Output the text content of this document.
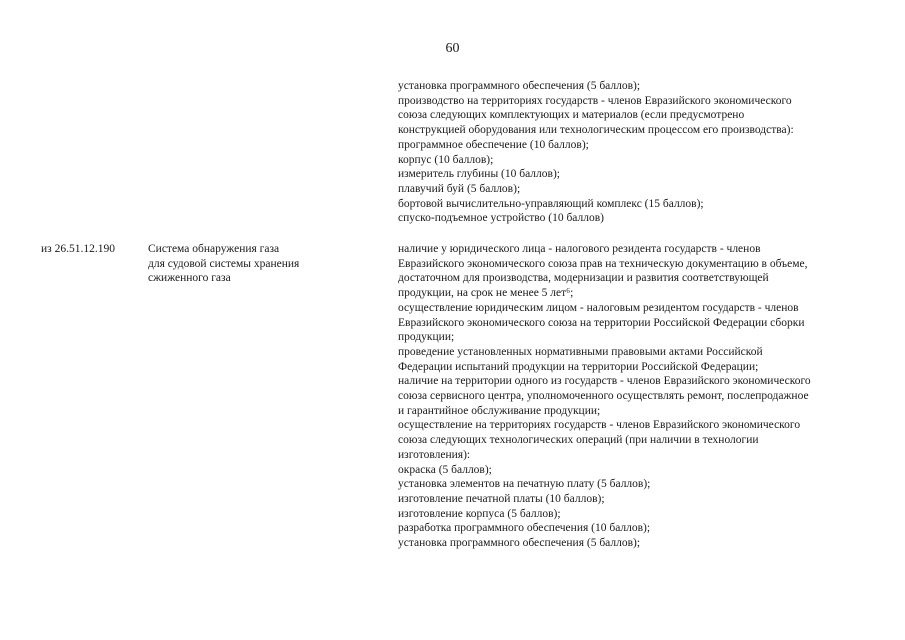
60
установка программного обеспечения (5 баллов);
производство на территориях государств - членов Евразийского экономического
союза следующих комплектующих и материалов (если предусмотрено
конструкцией оборудования или технологическим процессом его производства):
программное обеспечение (10 баллов);
корпус (10 баллов);
измеритель глубины (10 баллов);
плавучий буй (5 баллов);
бортовой вычислительно-управляющий комплекс (15 баллов);
спуско-подъемное устройство (10 баллов)
из 26.51.12.190	Система обнаружения газа
для судовой системы хранения
сжиженного газа
наличие у юридического лица - налогового резидента государств - членов
Евразийского экономического союза прав на техническую документацию в объеме,
достаточном для производства, модернизации и развития соответствующей
продукции, на срок не менее 5 лет⁶;
осуществление юридическим лицом - налоговым резидентом государств - членов
Евразийского экономического союза на территории Российской Федерации сборки
продукции;
проведение установленных нормативными правовыми актами Российской
Федерации испытаний продукции на территории Российской Федерации;
наличие на территории одного из государств - членов Евразийского экономического
союза сервисного центра, уполномоченного осуществлять ремонт, послепродажное
и гарантийное обслуживание продукции;
осуществление на территориях государств - членов Евразийского экономического
союза следующих технологических операций (при наличии в технологии
изготовления):
окраска (5 баллов);
установка элементов на печатную плату (5 баллов);
изготовление печатной платы (10 баллов);
изготовление корпуса (5 баллов);
разработка программного обеспечения (10 баллов);
установка программного обеспечения (5 баллов);
